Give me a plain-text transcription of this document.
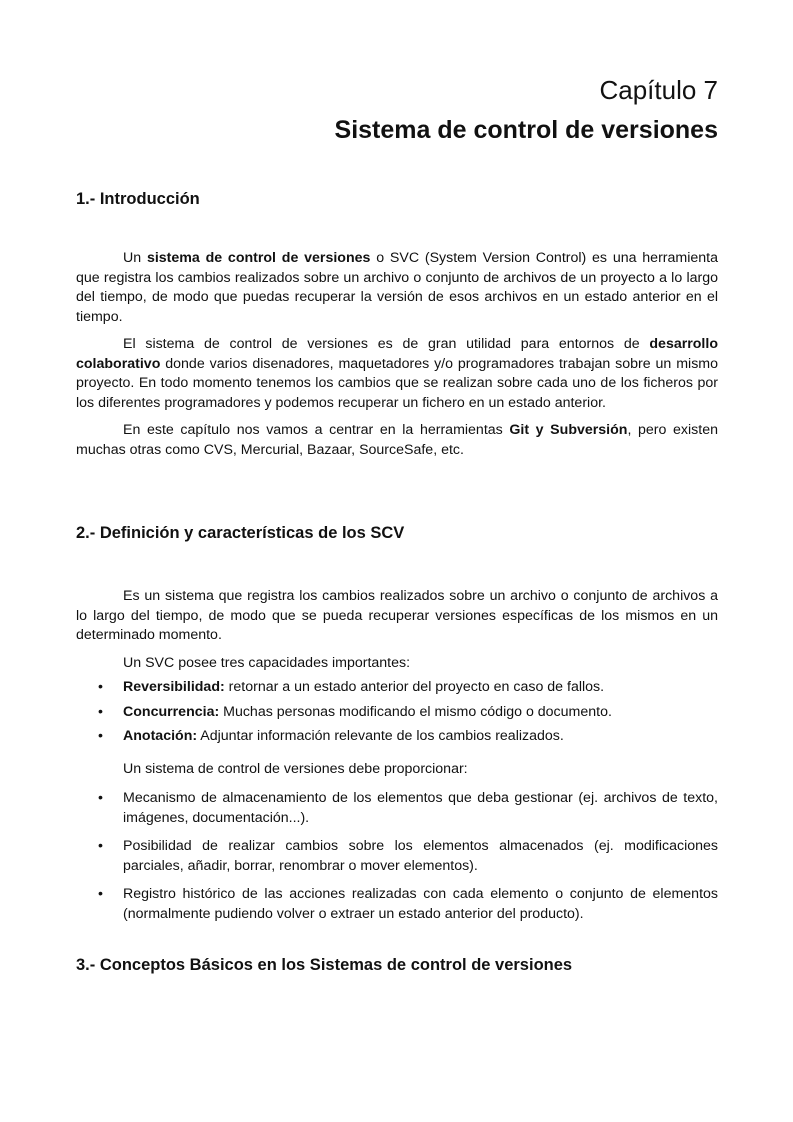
Capítulo 7
Sistema de control de versiones
1.- Introducción

Un sistema de control de versiones o SVC (System Version Control) es una herramienta que registra los cambios realizados sobre un archivo o conjunto de archivos de un proyecto a lo largo del tiempo, de modo que puedas recuperar la versión de esos archivos en un estado anterior en el tiempo.

El sistema de control de versiones es de gran utilidad para entornos de desarrollo colaborativo donde varios disenadores, maquetadores y/o programadores trabajan sobre un mismo proyecto. En todo momento tenemos los cambios que se realizan sobre cada uno de los ficheros por los diferentes programadores y podemos recuperar un fichero en un estado anterior.

En este capítulo nos vamos a centrar en la herramientas Git y Subversión, pero existen muchas otras como CVS, Mercurial, Bazaar, SourceSafe, etc.

2.- Definición y características de los SCV

Es un sistema que registra los cambios realizados sobre un archivo o conjunto de archivos a lo largo del tiempo, de modo que se pueda recuperar versiones específicas de los mismos en un determinado momento.

Un SVC posee tres capacidades importantes:
• Reversibilidad: retornar a un estado anterior del proyecto en caso de fallos.
• Concurrencia: Muchas personas modificando el mismo código o documento.
• Anotación: Adjuntar información relevante de los cambios realizados.
Un sistema de control de versiones debe proporcionar:
• Mecanismo de almacenamiento de los elementos que deba gestionar (ej. archivos de texto, imágenes, documentación...).
• Posibilidad de realizar cambios sobre los elementos almacenados (ej. modificaciones parciales, añadir, borrar, renombrar o mover elementos).
• Registro histórico de las acciones realizadas con cada elemento o conjunto de elementos (normalmente pudiendo volver o extraer un estado anterior del producto).
3.- Conceptos Básicos en los Sistemas de control de versiones
